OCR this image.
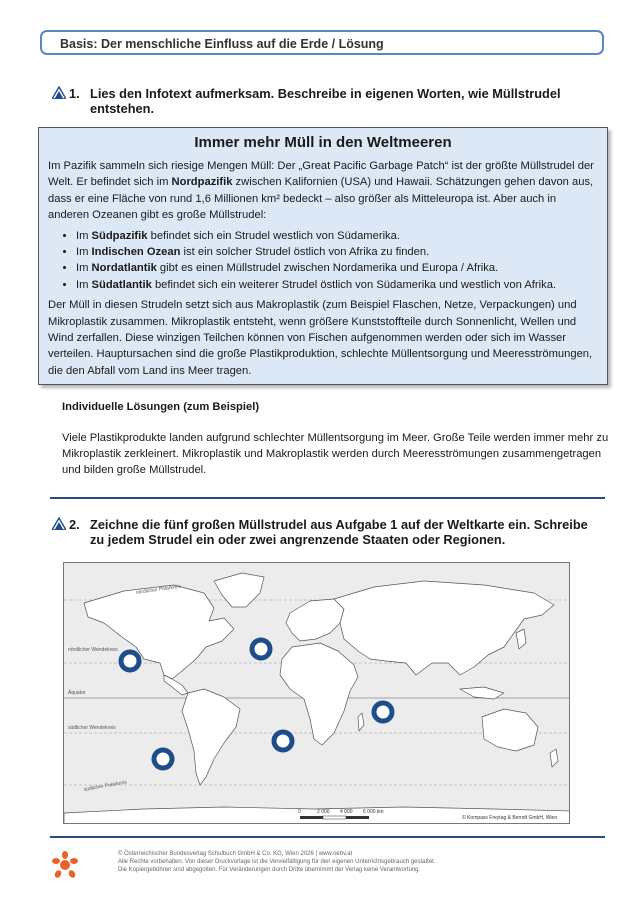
Basis: Der menschliche Einfluss auf die Erde / Lösung
1. Lies den Infotext aufmerksam. Beschreibe in eigenen Worten, wie Müllstrudel entstehen.
Immer mehr Müll in den Weltmeeren

Im Pazifik sammeln sich riesige Mengen Müll: Der „Great Pacific Garbage Patch“ ist der größte Müllstrudel der Welt. Er befindet sich im Nordpazifik zwischen Kalifornien (USA) und Hawaii. Schätzungen gehen davon aus, dass er eine Fläche von rund 1,6 Millionen km² bedeckt – also größer als Mitteleuropa ist. Aber auch in anderen Ozeanen gibt es große Müllstrudel:

• Im Südpazifik befindet sich ein Strudel westlich von Südamerika.
• Im Indischen Ozean ist ein solcher Strudel östlich von Afrika zu finden.
• Im Nordatlantik gibt es einen Müllstrudel zwischen Nordamerika und Europa / Afrika.
• Im Südatlantik befindet sich ein weiterer Strudel östlich von Südamerika und westlich von Afrika.

Der Müll in diesen Strudeln setzt sich aus Makroplastik (zum Beispiel Flaschen, Netze, Verpackungen) und Mikroplastik zusammen. Mikroplastik entsteht, wenn größere Kunststoffteile durch Sonnenlicht, Wellen und Wind zerfallen. Diese winzigen Teilchen können von Fischen aufgenommen werden oder sich im Wasser verteilen. Hauptursachen sind die große Plastikproduktion, schlechte Müllentsorgung und Meeresströmungen, die den Abfall vom Land ins Meer tragen.

Individuelle Lösungen (zum Beispiel)
Viele Plastikprodukte landen aufgrund schlechter Müllentsorgung im Meer. Große Teile werden immer mehr zu Mikroplastik zerkleinert. Mikroplastik und Makroplastik werden durch Meeresströmungen zusammengetragen und bilden große Müllstrudel.
2. Zeichne die fünf großen Müllstrudel aus Aufgabe 1 auf der Weltkarte ein. Schreibe zu jedem Strudel ein oder zwei angrenzende Staaten oder Regionen.
nördlicher Polarkreis
nördlicher Wendekreis
Äquator
südlicher Wendekreis
südlicher Polarkreis
0	2 000 4 000 6 000 km
© Kompass Freytag & Berndt GmbH, Wien
© Österreichischer Bundesverlag Schulbuch GmbH & Co. KG, Wien 2026 | www.oebv.at
Alle Rechte vorbehalten. Von dieser Druckvorlage ist die Vervielfältigung für den eigenen Unterrichtsgebrauch gestattet.
Die Kopiergebühren sind abgegolten. Für Veränderungen durch Dritte übernimmt der Verlag keine Verantwortung.
